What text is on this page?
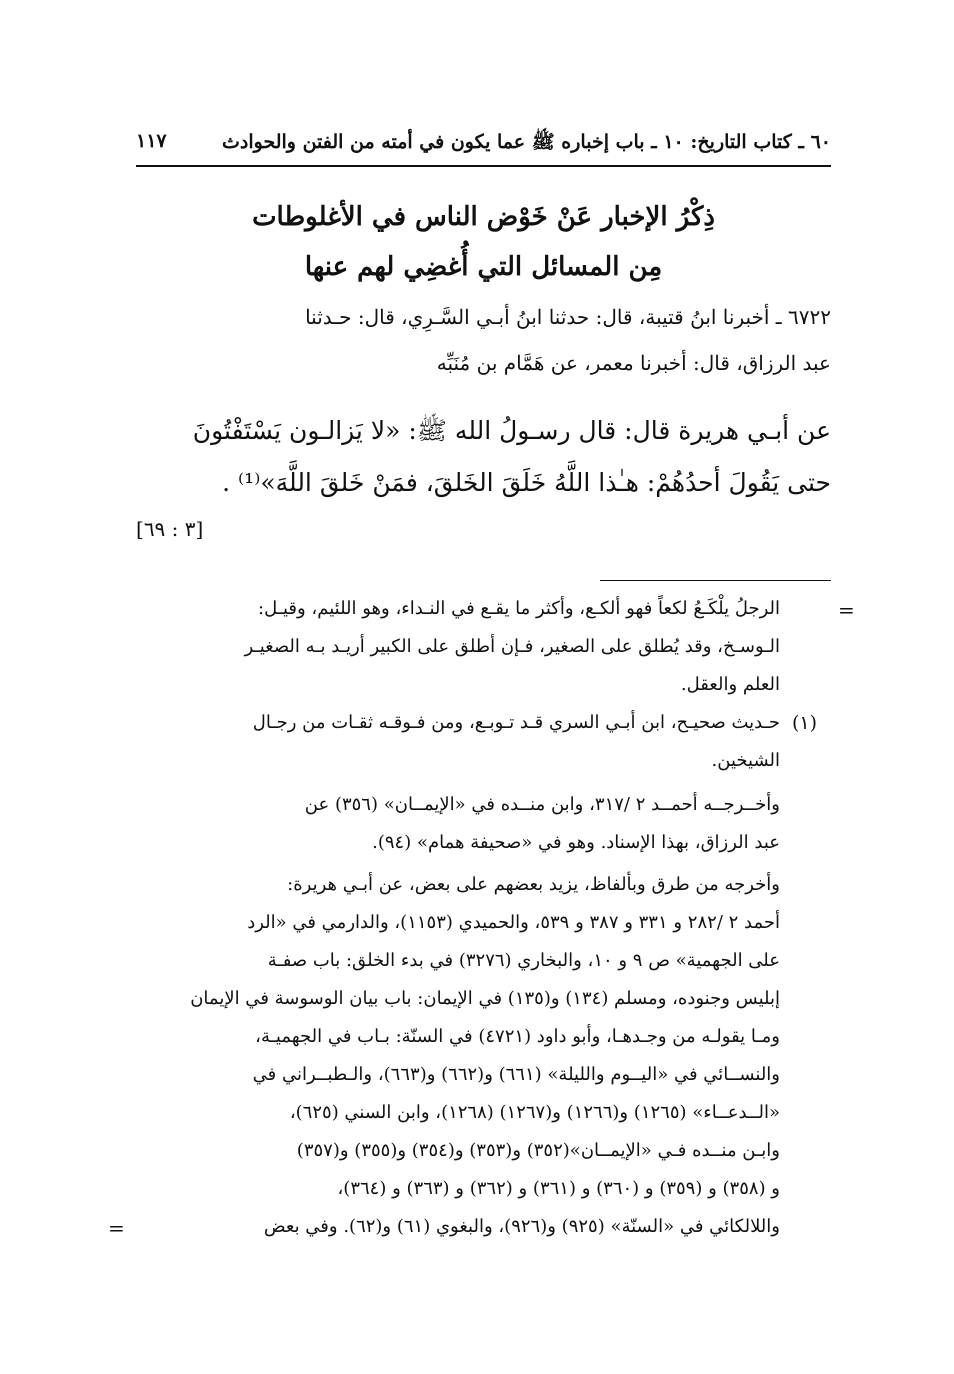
٦٠ ـ كتاب التاريخ: ١٠ ـ باب إخباره ﷺ عما يكون في أمته من الفتن والحوادث
١١٧
ذِكْرُ الإخبار عَنْ خَوْض الناس في الأغلوطات
مِن المسائل التي أُغضِي لهم عنها
٦٧٢٢ ـ أخبرنا ابنُ قتيبة، قال: حدثنا ابنُ أبـي السَّـرِي، قال: حـدثنا
عبد الرزاق، قال: أخبرنا معمر، عن هَمَّام بن مُنَبِّه
عن أبـي هريرة قال: قال رسـولُ الله ﷺ: «لا يَزالـون يَسْتَفْتُونَ
حتى يَقُولَ أحدُهُمْ: هـٰذا اللَّهُ خَلَقَ الخَلقَ، فمَنْ خَلقَ اللَّهَ»⁽¹⁾ .
[٣ : ٦٩]
=
الرجلُ يلْكَـعُ لكعاً فهو ألكـع، وأكثر ما يقـع في النـداء، وهو اللئيم، وقيـل:
الـوسـخ، وقد يُطلق على الصغير، فـإن أطلق على الكبير أريـد بـه الصغيـر
العلم والعقل.
(١)
حـديث صحيـح، ابن أبـي السري قـد تـوبـع، ومن فـوقـه ثقـات من رجـال
الشيخين.
وأخــرجــه أحمــد ٢ /٣١٧، وابن منــده في «الإيمــان» (٣٥٦) عن
عبد الرزاق، بهذا الإسناد. وهو في «صحيفة همام» (٩٤).
وأخرجه من طرق وبألفاظ، يزيد بعضهم على بعض، عن أبـي هريرة:
أحمد ٢ /٢٨٢ و ٣٣١ و ٣٨٧ و ٥٣٩، والحميدي (١١٥٣)، والدارمي في «الرد
على الجهمية» ص ٩ و ١٠، والبخاري (٣٢٧٦) في بدء الخلق: باب صفـة
إبليس وجنوده، ومسلم (١٣٤) و(١٣٥) في الإيمان: باب بيان الوسوسة في الإيمان
ومـا يقولـه من وجـدهـا، وأبو داود (٤٧٢١) في السنّة: بـاب في الجهميـة،
والنســائي في «اليــوم والليلة» (٦٦١) و(٦٦٢) و(٦٦٣)، والـطبــراني في
«الــدعــاء» (١٢٦٥) و(١٢٦٦) و(١٢٦٧) (١٢٦٨)، وابن السني (٦٢٥)،
وابـن منــده فـي «الإيمــان»(٣٥٢) و(٣٥٣) و(٣٥٤) و(٣٥٥) و(٣٥٧)
و (٣٥٨) و (٣٥٩) و (٣٦٠) و (٣٦١) و (٣٦٢) و (٣٦٣) و (٣٦٤)،
واللالكائي في «السنّة» (٩٢٥) و(٩٢٦)، والبغوي (٦١) و(٦٢). وفي بعض
=
